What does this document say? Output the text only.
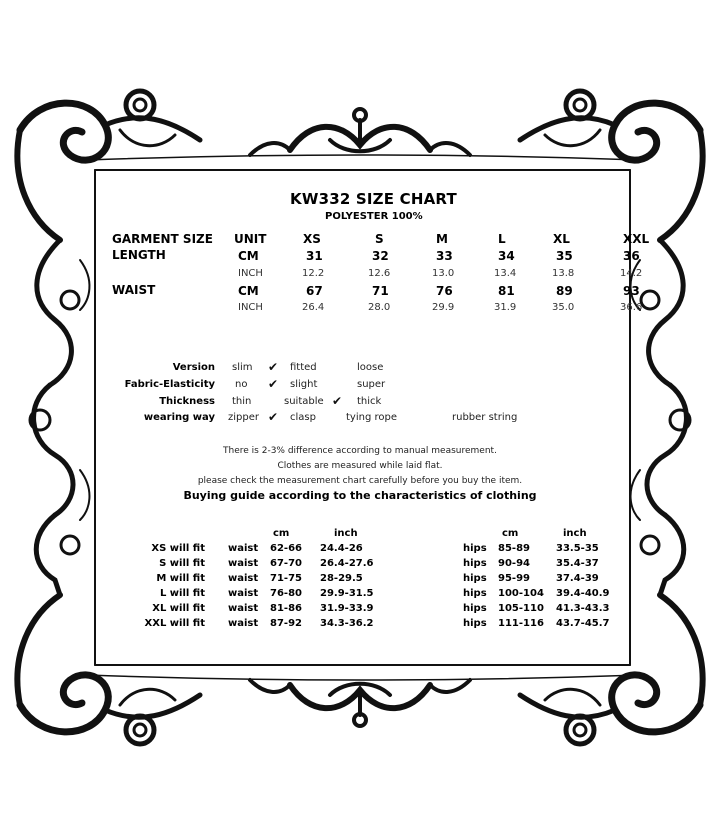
KW332 SIZE CHART
POLYESTER 100%
GARMENT SIZE UNIT	XS	S	M	L	XL	XXL
LENGTH	CM	31	32	33	34	35	36
INCH	12.2	12.6	13.0	13.4	13.8	14.2
WAIST	CM	67	71	76	81	89	93
INCH	26.4	28.0	29.9	31.9	35.0	36.6
Version slim ✔ fitted	loose
Fabric-Elasticity no ✔ slight	super
Thickness thin	suitable ✔ thick
wearing way zipper ✔ clasp	tying rope	rubber string
There is 2-3% difference according to manual measurement.
Clothes are measured while laid flat.
please check the measurement chart carefully before you buy the item.
Buying guide according to the characteristics of clothing
cm	inch	cm	inch
XS will fit waist 62-66 24.4-26	hips 85-89	33.5-35
S will fit waist 67-70 26.4-27.6	hips 90-94	35.4-37
M will fit waist 71-75 28-29.5	hips 95-99	37.4-39
L will fit waist 76-80 29.9-31.5	hips 100-104 39.4-40.9
XL will fit waist 81-86 31.9-33.9	hips 105-110 41.3-43.3
XXL will fit waist 87-92 34.3-36.2	hips 111-116 43.7-45.7
